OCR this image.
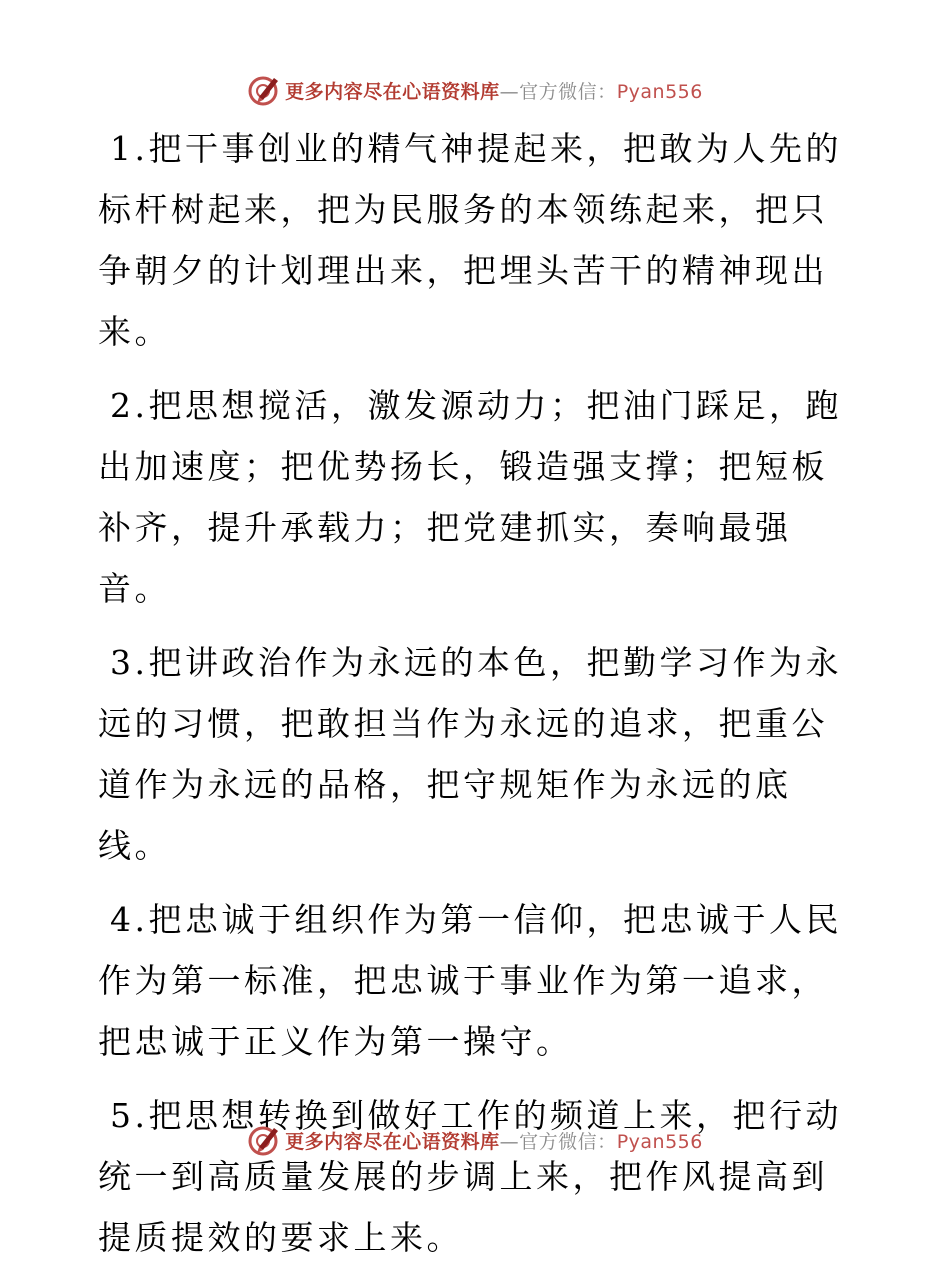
更多内容尽在心语资料库—官方微信：Pyan556

1.把干事创业的精气神提起来，把敢为人先的标杆树起来，把为民服务的本领练起来，把只争朝夕的计划理出来，把埋头苦干的精神现出来。

2.把思想搅活，激发源动力；把油门踩足，跑出加速度；把优势扬长，锻造强支撑；把短板补齐，提升承载力；把党建抓实，奏响最强音。

3.把讲政治作为永远的本色，把勤学习作为永远的习惯，把敢担当作为永远的追求，把重公道作为永远的品格，把守规矩作为永远的底线。

4.把忠诚于组织作为第一信仰，把忠诚于人民作为第一标准，把忠诚于事业作为第一追求，把忠诚于正义作为第一操守。

5.把思想转换到做好工作的频道上来，把行动统一到高质量发展的步调上来，把作风提高到提质提效的要求上来。

更多内容尽在心语资料库—官方微信：Pyan556
